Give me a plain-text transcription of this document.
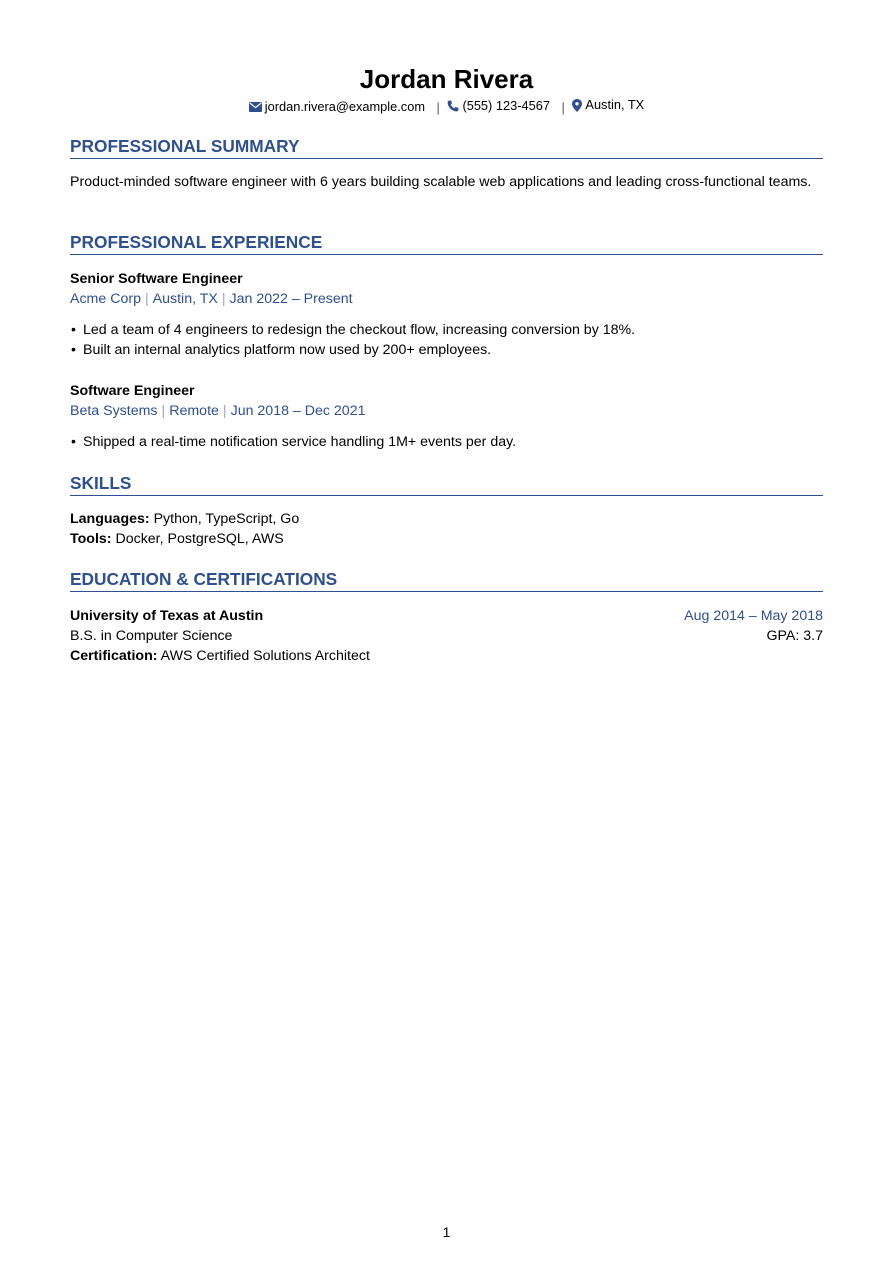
Jordan Rivera
jordan.rivera@example.com | (555) 123-4567 | Austin, TX
PROFESSIONAL SUMMARY
Product-minded software engineer with 6 years building scalable web applications and leading cross-functional teams.
PROFESSIONAL EXPERIENCE
Senior Software Engineer
Acme Corp | Austin, TX | Jan 2022 – Present
• Led a team of 4 engineers to redesign the checkout flow, increasing conversion by 18%.
• Built an internal analytics platform now used by 200+ employees.
Software Engineer
Beta Systems | Remote | Jun 2018 – Dec 2021
• Shipped a real-time notification service handling 1M+ events per day.
SKILLS
Languages: Python, TypeScript, Go
Tools: Docker, PostgreSQL, AWS
EDUCATION & CERTIFICATIONS
University of Texas at Austin	Aug 2014 – May 2018
B.S. in Computer Science	GPA: 3.7
Certification: AWS Certified Solutions Architect
1
